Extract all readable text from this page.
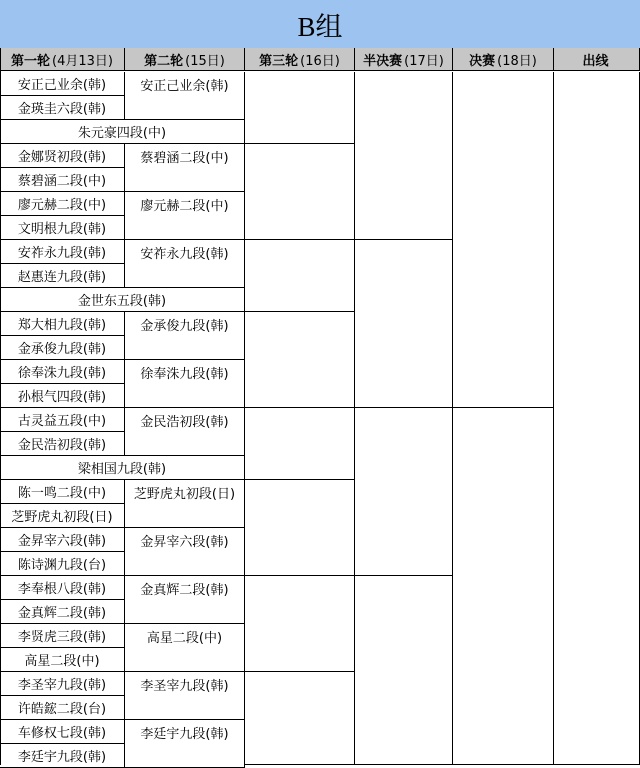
B组
第一轮 (4月13日) 第二轮 (15日)	第三轮 (16日) 半决赛 (17日) 决赛 (18日)	出线
安正己业余(韩)
金瑛圭六段(韩)
朱元豪四段(中)
金娜贤初段(韩)
蔡碧涵二段(中)
廖元赫二段(中)
文明根九段(韩)
安祚永九段(韩)
赵惠连九段(韩)
金世东五段(韩)
郑大相九段(韩)
金承俊九段(韩)
徐奉洙九段(韩)
孙根气四段(韩)
古灵益五段(中)
金民浩初段(韩)
梁相国九段(韩)
陈一鸣二段(中)
芝野虎丸初段(日)
金昇宰六段(韩)
陈诗渊九段(台)
李奉根八段(韩)
金真辉二段(韩)
李贤虎三段(韩)
高星二段(中)
李圣宰九段(韩)
许皓鋐二段(台)
车修权七段(韩)
李廷宇九段(韩)
安正己业余(韩)
蔡碧涵二段(中)
廖元赫二段(中)
安祚永九段(韩)
金承俊九段(韩)
徐奉洙九段(韩)
金民浩初段(韩)
芝野虎丸初段(日)
金昇宰六段(韩)
金真辉二段(韩)
高星二段(中)
李圣宰九段(韩)
李廷宇九段(韩)
